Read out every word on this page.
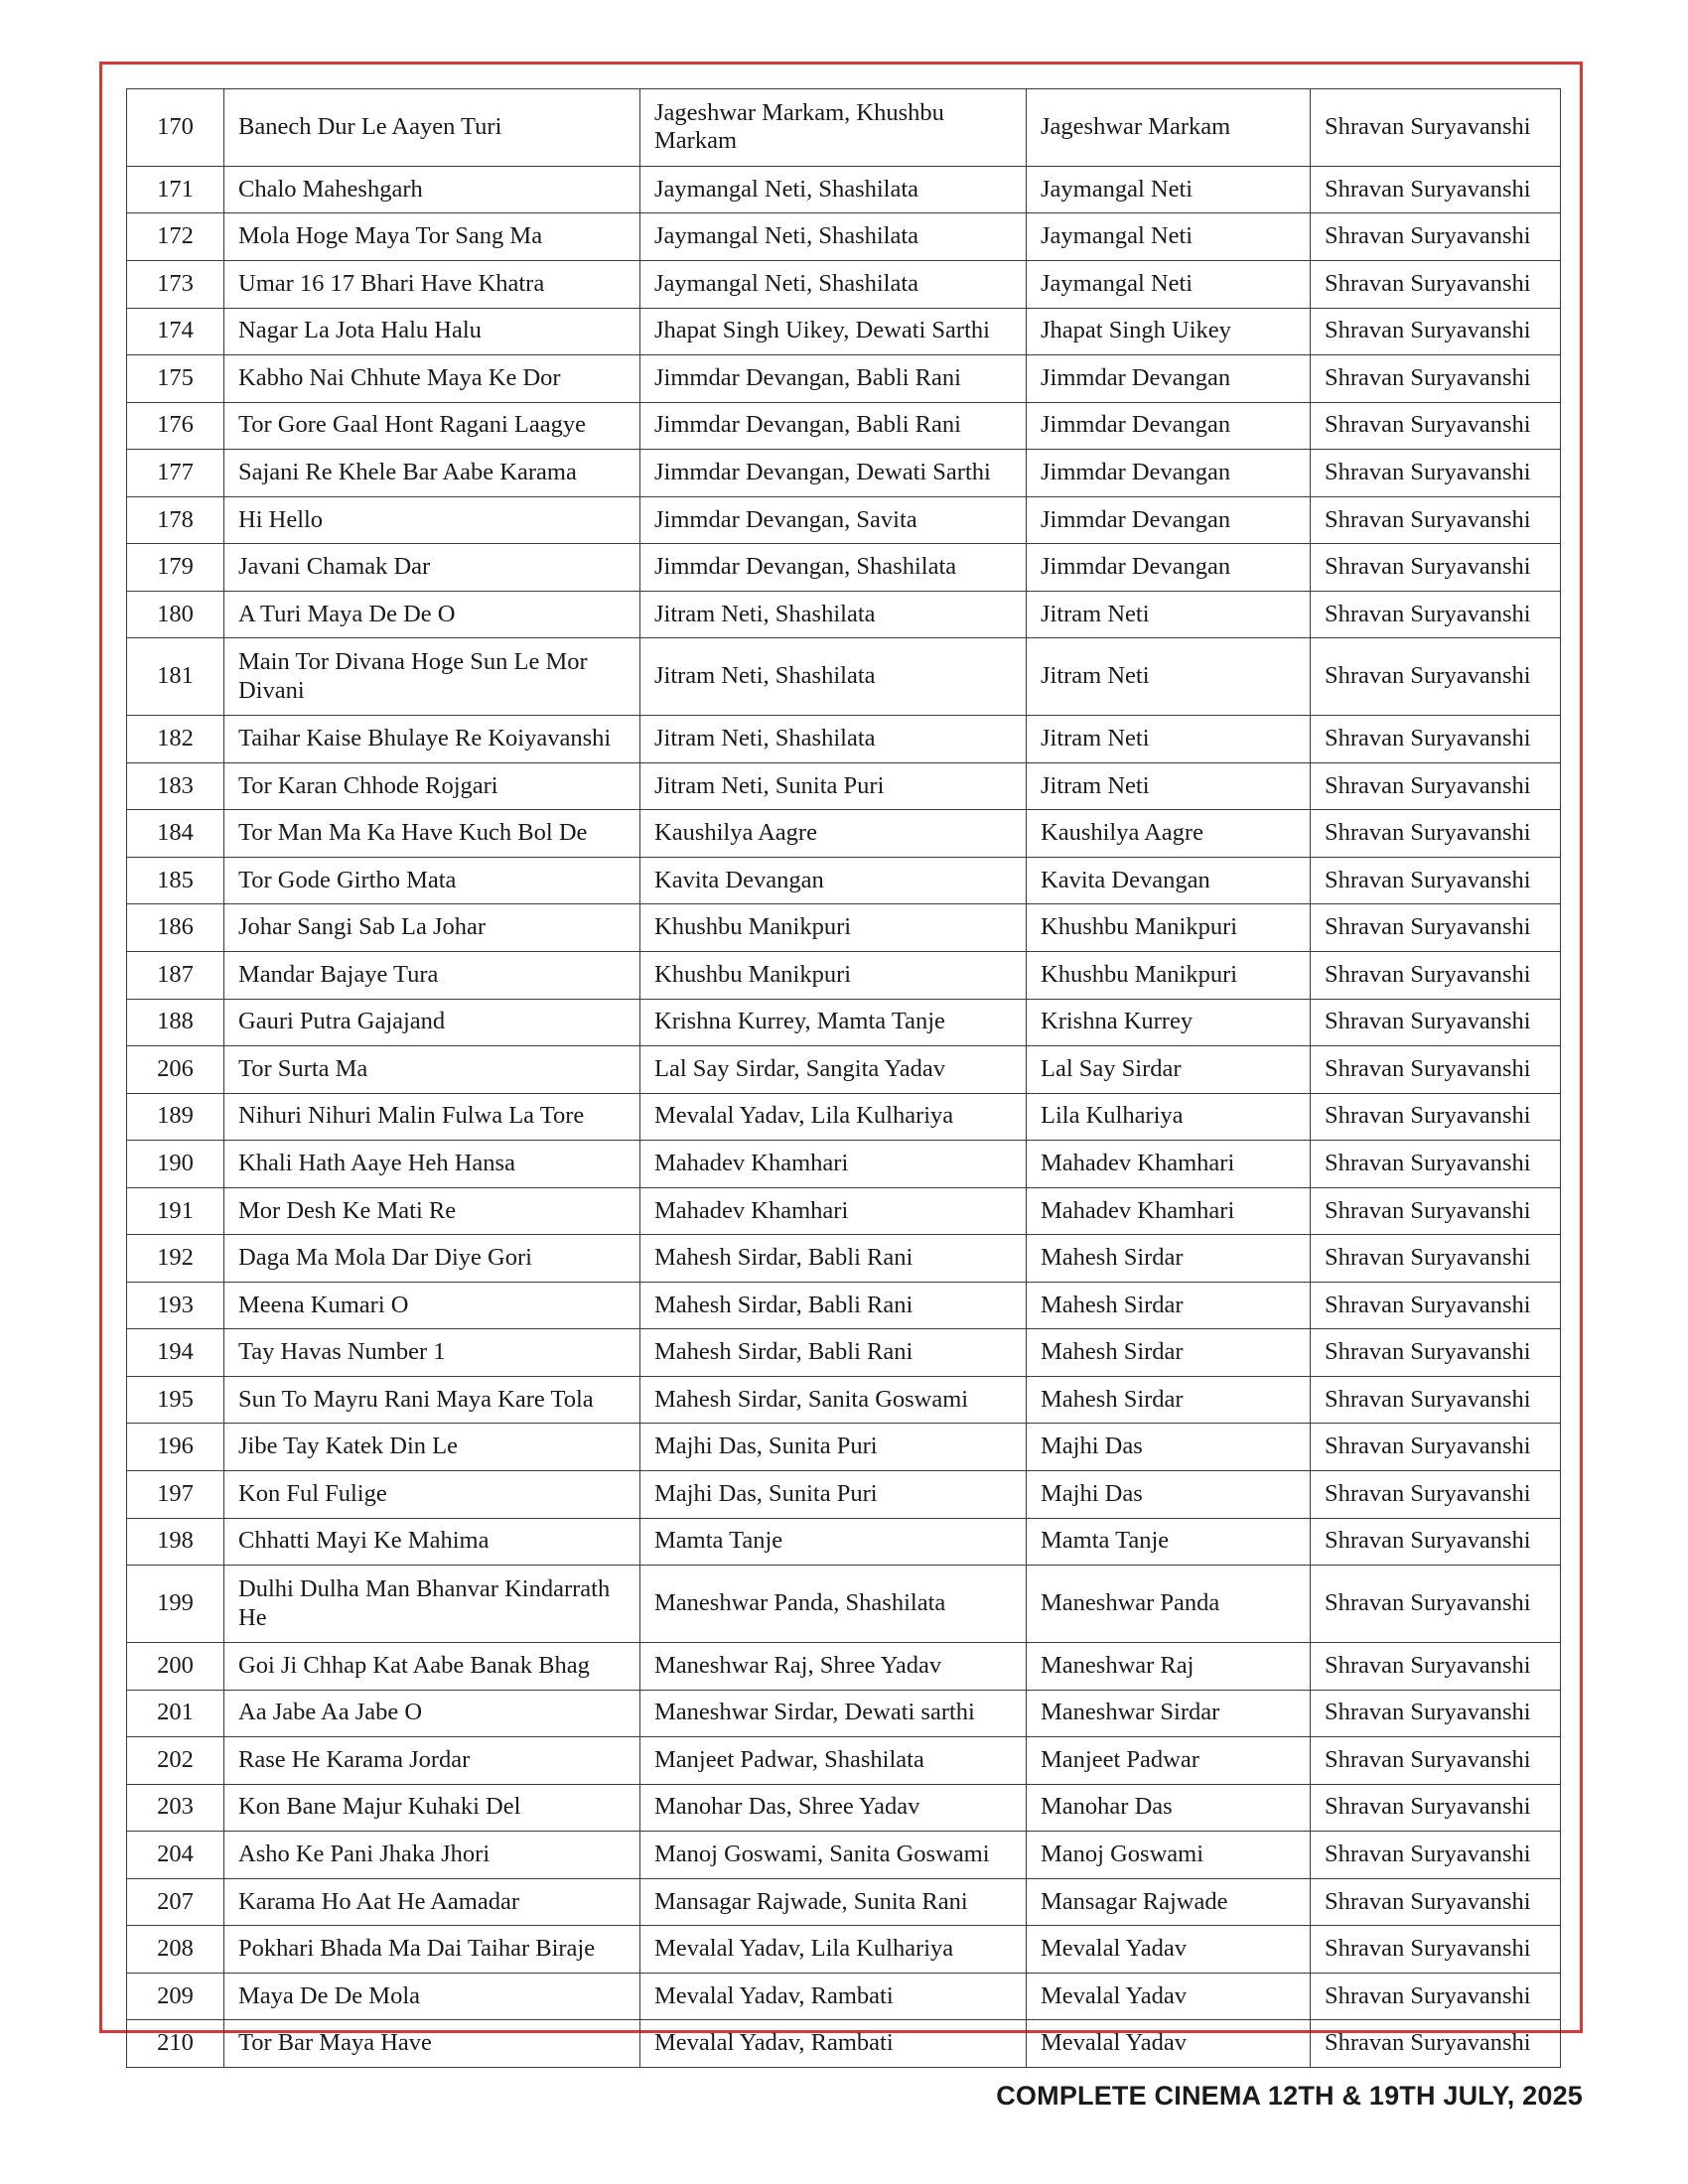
170	Banech Dur Le Aayen Turi	Jageshwar Markam, Khushbu Markam	Jageshwar Markam	Shravan Suryavanshi
171	Chalo Maheshgarh	Jaymangal Neti, Shashilata	Jaymangal Neti	Shravan Suryavanshi
172	Mola Hoge Maya Tor Sang Ma	Jaymangal Neti, Shashilata	Jaymangal Neti	Shravan Suryavanshi
173	Umar 16 17 Bhari Have Khatra	Jaymangal Neti, Shashilata	Jaymangal Neti	Shravan Suryavanshi
174	Nagar La Jota Halu Halu	Jhapat Singh Uikey, Dewati Sarthi	Jhapat Singh Uikey	Shravan Suryavanshi
175	Kabho Nai Chhute Maya Ke Dor	Jimmdar Devangan, Babli Rani	Jimmdar Devangan	Shravan Suryavanshi
176	Tor Gore Gaal Hont Ragani Laagye	Jimmdar Devangan, Babli Rani	Jimmdar Devangan	Shravan Suryavanshi
177	Sajani Re Khele Bar Aabe Karama	Jimmdar Devangan, Dewati Sarthi	Jimmdar Devangan	Shravan Suryavanshi
178	Hi Hello	Jimmdar Devangan, Savita	Jimmdar Devangan	Shravan Suryavanshi
179	Javani Chamak Dar	Jimmdar Devangan, Shashilata	Jimmdar Devangan	Shravan Suryavanshi
180	A Turi Maya De De O	Jitram Neti, Shashilata	Jitram Neti	Shravan Suryavanshi
181	Main Tor Divana Hoge Sun Le Mor Divani	Jitram Neti, Shashilata	Jitram Neti	Shravan Suryavanshi
182	Taihar Kaise Bhulaye Re Koiyavanshi	Jitram Neti, Shashilata	Jitram Neti	Shravan Suryavanshi
183	Tor Karan Chhode Rojgari	Jitram Neti, Sunita Puri	Jitram Neti	Shravan Suryavanshi
184	Tor Man Ma Ka Have Kuch Bol De	Kaushilya Aagre	Kaushilya Aagre	Shravan Suryavanshi
185	Tor Gode Girtho Mata	Kavita Devangan	Kavita Devangan	Shravan Suryavanshi
186	Johar Sangi Sab La Johar	Khushbu Manikpuri	Khushbu Manikpuri	Shravan Suryavanshi
187	Mandar Bajaye Tura	Khushbu Manikpuri	Khushbu Manikpuri	Shravan Suryavanshi
188	Gauri Putra Gajajand	Krishna Kurrey, Mamta Tanje	Krishna Kurrey	Shravan Suryavanshi
206	Tor Surta Ma	Lal Say Sirdar, Sangita Yadav	Lal Say Sirdar	Shravan Suryavanshi
189	Nihuri Nihuri Malin Fulwa La Tore	Mevalal Yadav, Lila Kulhariya	Lila Kulhariya	Shravan Suryavanshi
190	Khali Hath Aaye Heh Hansa	Mahadev Khamhari	Mahadev Khamhari	Shravan Suryavanshi
191	Mor Desh Ke Mati Re	Mahadev Khamhari	Mahadev Khamhari	Shravan Suryavanshi
192	Daga Ma Mola Dar Diye Gori	Mahesh Sirdar, Babli Rani	Mahesh Sirdar	Shravan Suryavanshi
193	Meena Kumari O	Mahesh Sirdar, Babli Rani	Mahesh Sirdar	Shravan Suryavanshi
194	Tay Havas Number 1	Mahesh Sirdar, Babli Rani	Mahesh Sirdar	Shravan Suryavanshi
195	Sun To Mayru Rani Maya Kare Tola	Mahesh Sirdar, Sanita Goswami	Mahesh Sirdar	Shravan Suryavanshi
196	Jibe Tay Katek Din Le	Majhi Das, Sunita Puri	Majhi Das	Shravan Suryavanshi
197	Kon Ful Fulige	Majhi Das, Sunita Puri	Majhi Das	Shravan Suryavanshi
198	Chhatti Mayi Ke Mahima	Mamta Tanje	Mamta Tanje	Shravan Suryavanshi
199	Dulhi Dulha Man Bhanvar Kindarrath He	Maneshwar Panda, Shashilata	Maneshwar Panda	Shravan Suryavanshi
200	Goi Ji Chhap Kat Aabe Banak Bhag	Maneshwar Raj, Shree Yadav	Maneshwar Raj	Shravan Suryavanshi
201	Aa Jabe Aa Jabe O	Maneshwar Sirdar, Dewati sarthi	Maneshwar Sirdar	Shravan Suryavanshi
202	Rase He Karama Jordar	Manjeet Padwar, Shashilata	Manjeet Padwar	Shravan Suryavanshi
203	Kon Bane Majur Kuhaki Del	Manohar Das, Shree Yadav	Manohar Das	Shravan Suryavanshi
204	Asho Ke Pani Jhaka Jhori	Manoj Goswami, Sanita Goswami	Manoj Goswami	Shravan Suryavanshi
207	Karama Ho Aat He Aamadar	Mansagar Rajwade, Sunita Rani	Mansagar Rajwade	Shravan Suryavanshi
208	Pokhari Bhada Ma Dai Taihar Biraje	Mevalal Yadav, Lila Kulhariya	Mevalal Yadav	Shravan Suryavanshi
209	Maya De De Mola	Mevalal Yadav, Rambati	Mevalal Yadav	Shravan Suryavanshi
210	Tor Bar Maya Have	Mevalal Yadav, Rambati	Mevalal Yadav	Shravan Suryavanshi
COMPLETE CINEMA 12TH & 19TH JULY, 2025
